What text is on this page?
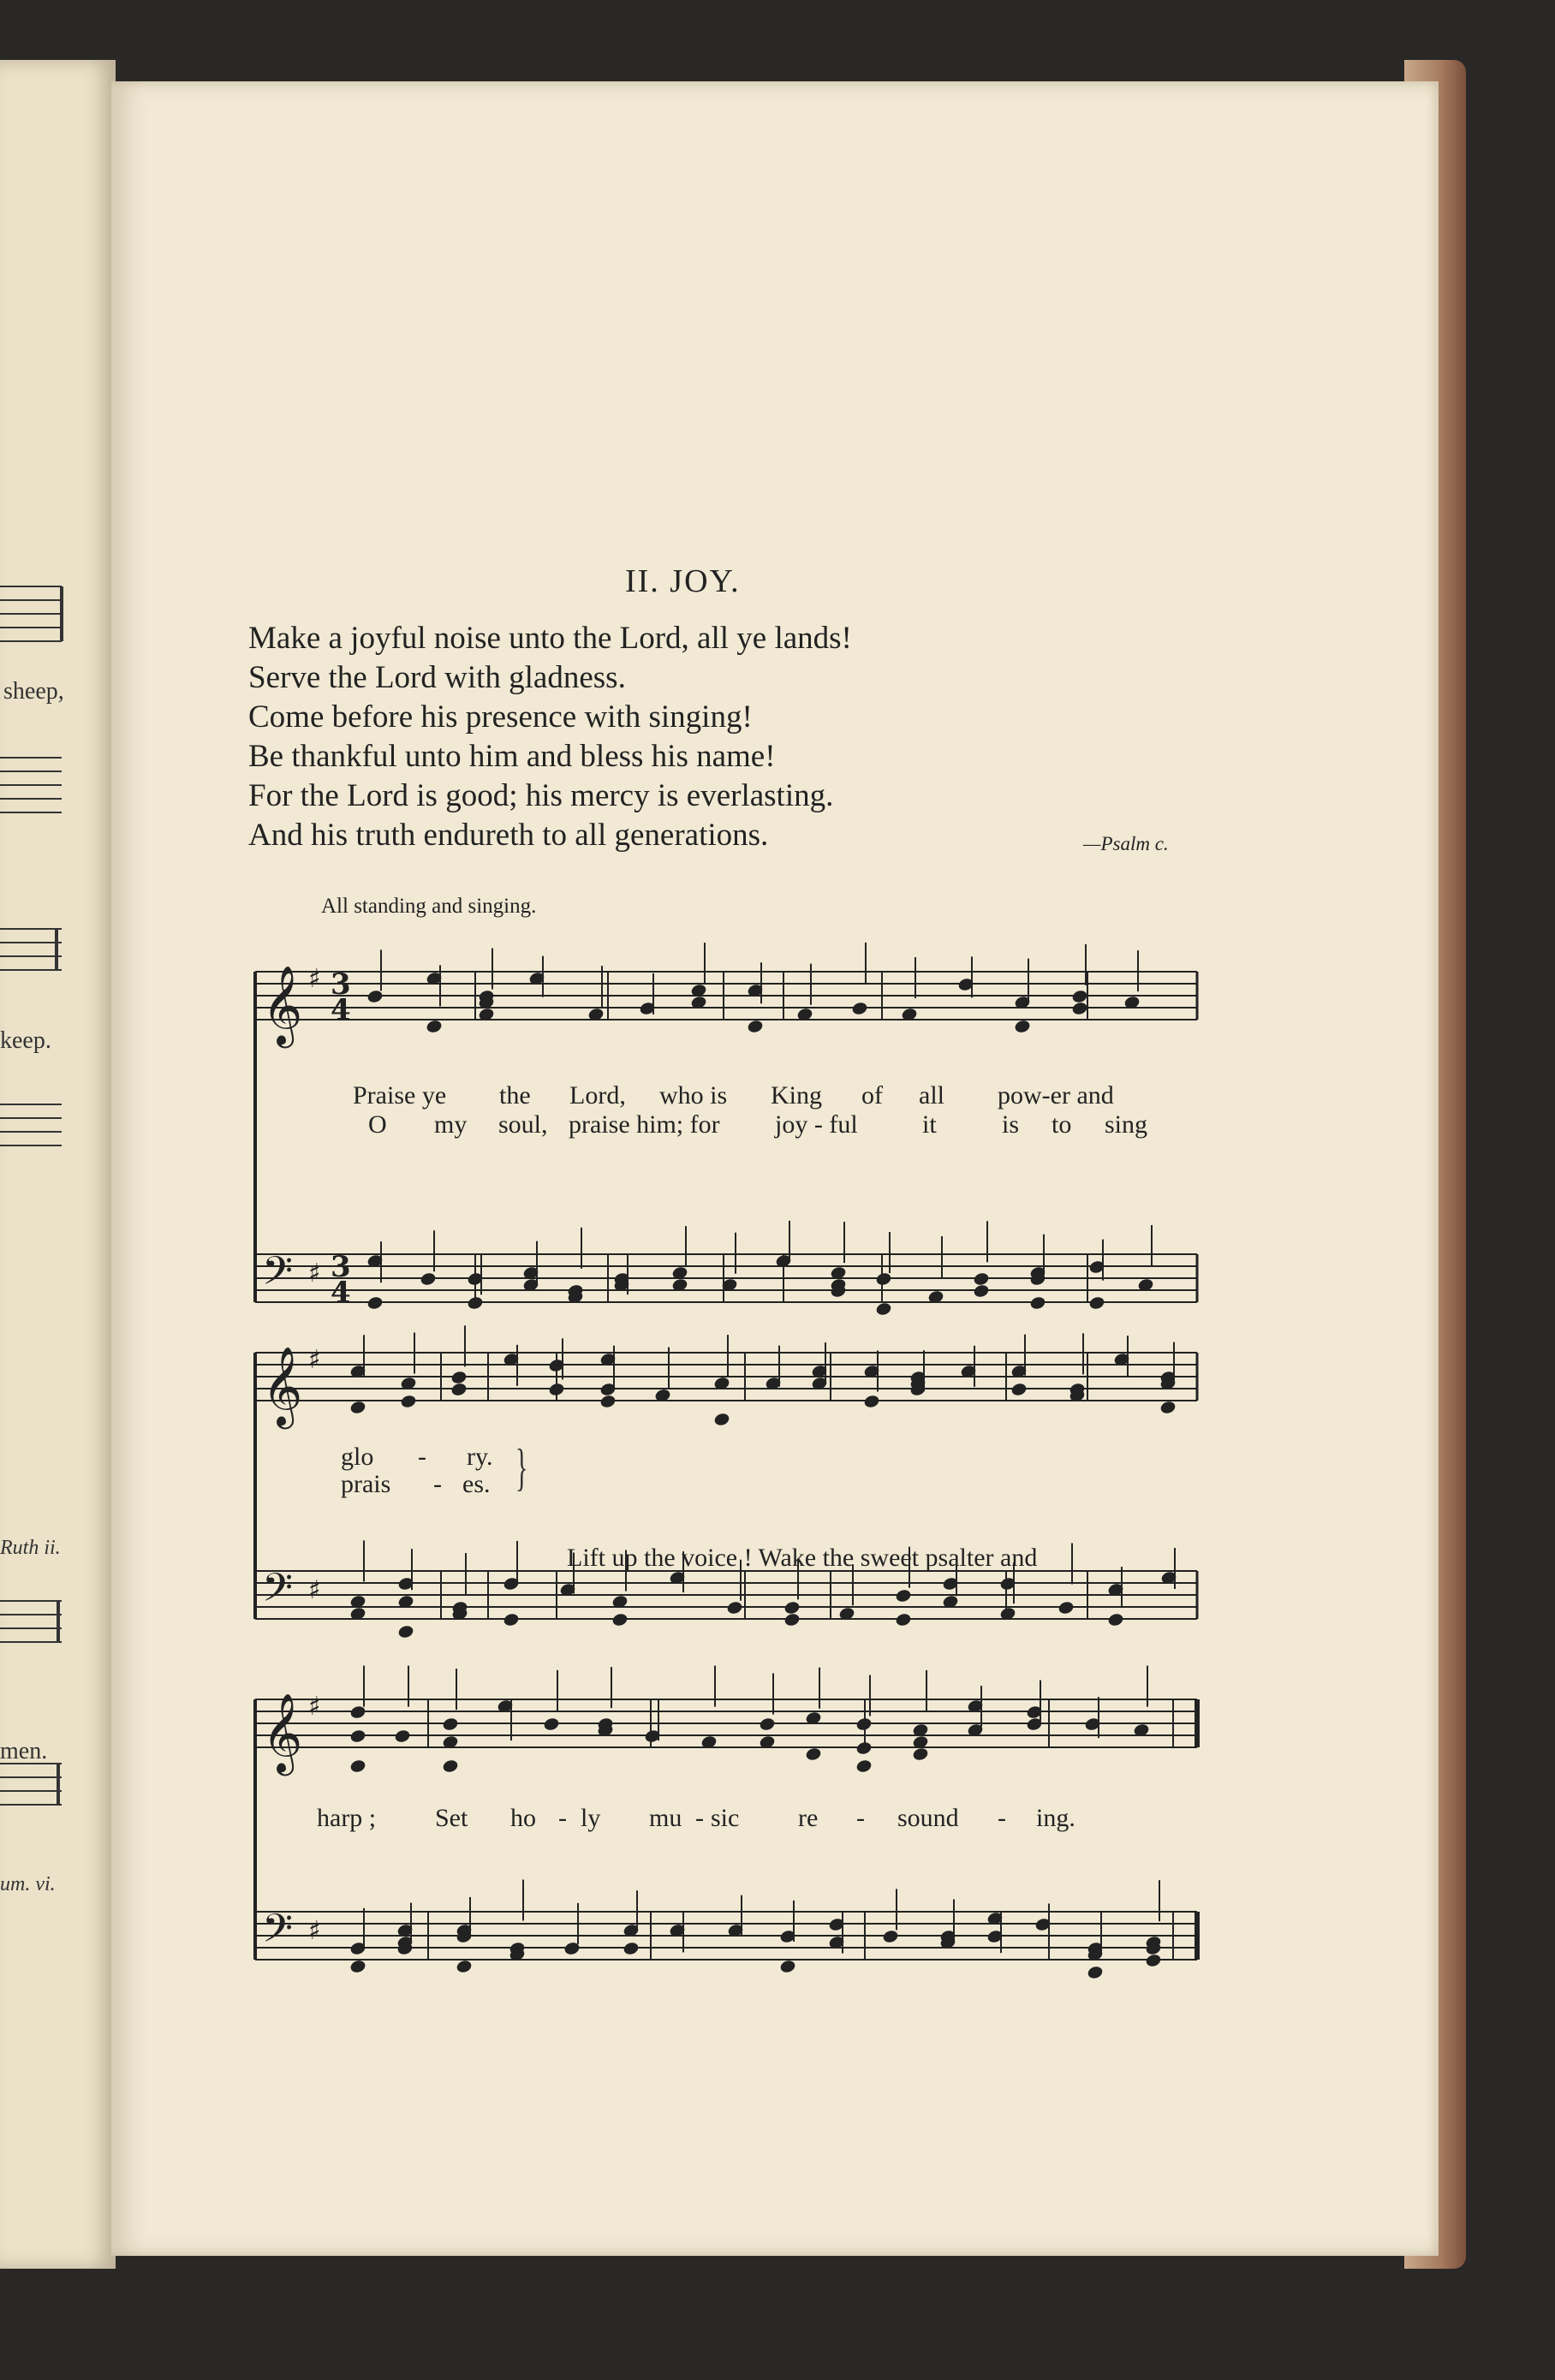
sheep,
keep.
Ruth ii.
men.
um. vi.
II. JOY.
Make a joyful noise unto the Lord, all ye lands!
Serve the Lord with gladness.
Come before his presence with singing!
Be thankful unto him and bless his name!
For the Lord is good; his mercy is everlasting.
And his truth endureth to all generations.	—Psalm c.
All standing and singing.
𝄞 ♯ 3
4
𝄢 ♯ 3
4
𝄞 ♯
𝄢 ♯
𝄞 ♯
𝄢 ♯
Praise ye the Lord, who is King of all pow-er and
O my soul, praise him; for joy - ful	it	is to sing
glo - ry.
prais - es. }
Lift up the voice ! Wake the sweet psalter and
harp ; Set ho - ly mu - sic re - sound - ing.
